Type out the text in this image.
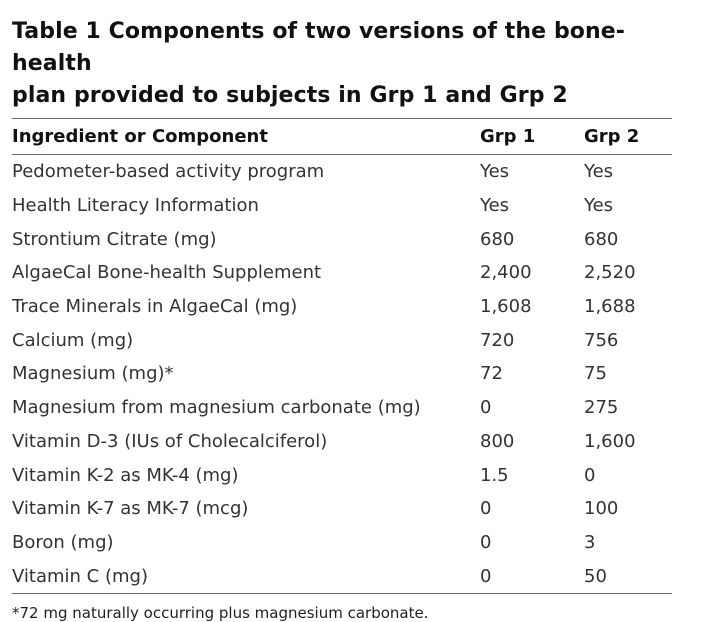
Table 1 Components of two versions of the bone-health
plan provided to subjects in Grp 1 and Grp 2
Ingredient or Component	Grp 1	Grp 2
Pedometer-based activity program	Yes	Yes
Health Literacy Information	Yes	Yes
Strontium Citrate (mg)	680	680
AlgaeCal Bone-health Supplement	2,400	2,520
Trace Minerals in AlgaeCal (mg)	1,608	1,688
Calcium (mg)	720	756
Magnesium (mg)*	72	75
Magnesium from magnesium carbonate (mg)	0	275
Vitamin D-3 (IUs of Cholecalciferol)	800	1,600
Vitamin K-2 as MK-4 (mg)	1.5	0
Vitamin K-7 as MK-7 (mcg)	0	100
Boron (mg)	0	3
Vitamin C (mg)	0	50
*72 mg naturally occurring plus magnesium carbonate.
